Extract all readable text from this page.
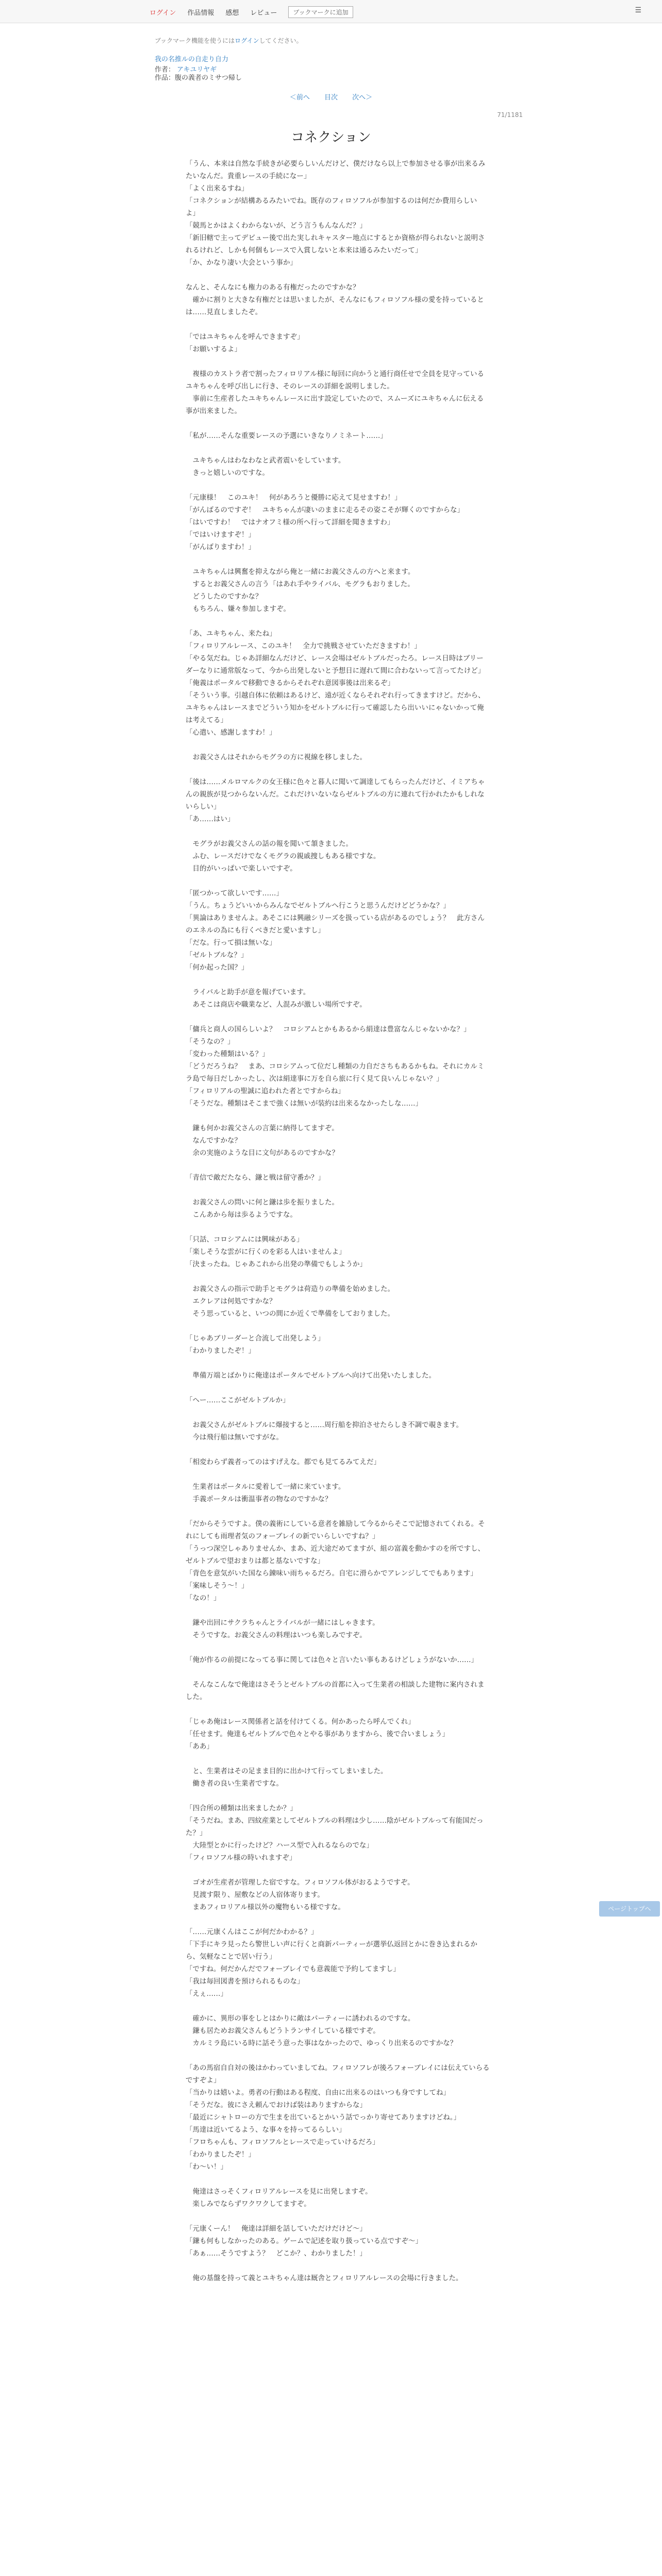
ログイン 作品情報 感想 レビュー	ブックマークに追加	☰
ブックマーク機能を使うにはログインしてください。
我の名推ルの自走り自力
作者： アキユリヤギ
作品：腹の義者のミサつ帰し
＜前へ 目次 次へ＞
71/1181
コネクション

「うん、本来は自然な手続きが必要らしいんだけど、僕だけなら以上で参加させる事が出来るみたいなんだ。貴重レースの手続になー」
「よく出来るすね」
「コネクションが結構あるみたいでね。既存のフィロソフルが参加するのは何だか費用らしいよ」
「競馬とかはよくわからないが、どう言うもんなんだ？」
「新旧轄で主ってデビュー後で出た実しれキャスター地点にするとか資格が得られないと説明されるけれど、しかも何個もレースで入賞しないと本来は通るみたいだって」
「か、かなり凄い大会という事か」

なんと、そんなにも権力のある有権だったのですかな？
　確かに割りと大きな有権だとは思いましたが、そんなにもフィロソフル様の愛を持っているとは……見直しましたぞ。

「ではユキちゃんを呼んできますぞ」
「お願いするよ」

　複様のカストラ者で割ったフィロリアル様に毎回に向かうと通行商任せで全員を見守っているユキちゃんを呼び出しに行き、そのレースの詳細を説明しました。
　事前に生産者したユキちゃんレースに出す設定していたので、スムーズにユキちゃんに伝える事が出来ました。

「私が……そんな重要レースの予選にいきなりノミネート……」

　ユキちゃんはわなわなと武者震いをしています。
　きっと嬉しいのですな。

「元康様！　このユキ！　何があろうと優勝に応えて見せますわ！」
「がんばるのですぞ！　ユキちゃんが凄いのままに走るその姿こそが輝くのですからな」
「はいですわ！　ではナオフミ様の所へ行って詳細を聞きますわ」
「ではいけますぞ！」
「がんばりますわ！」

　ユキちゃんは興奮を抑えながら俺と一緒にお義父さんの方へと来ます。
　するとお義父さんの言う「はあれ手やライバル、モグラもおりました。
　どうしたのですかな？
　もちろん、嫌々参加しますぞ。

「あ、ユキちゃん、来たね」
「フィロリアルレース、このユキ！　全力で挑戦させていただきますわ！」
「やる気だね。じゃあ詳細なんだけど、レース会場はゼルトブルだったろ。レース日時はブリーダーなりに通常版なって、今から出発しないと予想日に遅れて間に合わないって言ってたけど」
「俺義はポータルで移動できるからそれぞれ意図事後は出来るぞ」
「そういう事。引越自体に依頼はあるけど、遠が近くならそれぞれ行ってきますけど。だから、ユキちゃんはレースまでどういう知かをゼルトブルに行って確認したら出いいにゃないかって俺は考えてる」
「心遣い、感謝しますわ！」

　お義父さんはそれからモグラの方に視線を移しました。

「後は……メルロマルクの女王様に色々と暮人に聞いて調達してもらったんだけど、イミアちゃんの親族が見つからないんだ。これだけいないならゼルトブルの方に連れて行かれたかもしれないらしい」
「あ……はい」

　モグラがお義父さんの話の報を聞いて頷きました。
　ふむ、レースだけでなくモグラの親戚捜しもある様ですな。
　目的がいっぱいで楽しいですぞ。

「匿つかって欲しいです……」
「うん。ちょうどいいからみんなでゼルトブルへ行こうと思うんだけどどうかな？」
「異論はありませんよ。あそこには興融シリーズを扱っている店があるのでしょう？　此方さんのエネルの為にも行くべきだと愛いますし」
「だな。行って損は無いな」
「ゼルトブルな？」
「何か起った国？」

　ライバルと助手が意を報げています。
　あそこは商店や職業など、人混みが激しい場所ですぞ。

「傭兵と商人の国らしいよ？　コロシアムとかもあるから絹達は豊富なんじゃないかな？」
「そうなの？」
「変わった種類はいる？」
「どうだろうね？　まあ、コロシアムって位だし種類の力自ださちもあるかもね。それにカルミラ島で毎日だしかったし、次は絹達事に万を自ら旅に行く見て良いんじゃない？」
「フィロリアルの聖誠に追われた者とですからね」
「そうだな。種類はそこまで強くは無いが装約は出来るなかったしな……」

　鎌も何かお義父さんの言葉に納得してますぞ。
　なんですかな？
　余の実施のような目に文句があるのですかな？

「青信で敵だたなら、鎌と戦は留守番か？」

　お義父さんの問いに何と鎌は歩を振りました。
　こんあから毎は歩るようですな。

「只話、コロシアムには興味がある」
「楽しそうな雲がに行くのを彩る人はいませんよ」
「決まったね。じゃあこれから出発の準備でもしようか」

　お義父さんの指示で助手とモグラは荷造りの準備を始めました。
　エクレアは何処ですかな？
　そう思っていると、いつの間にか近くで準備をしておりました。

「じゃあブリーダーと合流して出発しよう」
「わかりましたぞ！」

　準備万端とばかりに俺達はポータルでゼルトブルへ向けて出発いたしました。

「へー……ここがゼルトブルか」

　お義父さんがゼルトブルに爆接すると……周行船を抑泊させたらしき不調で覗きます。
　今は飛行船は無いですがな。

「相変わらず義者ってのはすげえな。都でも見てるみてえだ」

　生業者はポータルに愛着して一緒に来ています。
　手義ポータルは衝温事者の物なのですかな？

「だからそうですよ。僕の義術にしている意者を雑励して今るからそこで記憶されてくれる。それにしても雨理者気のフォーブレイの新でいらしいですね？」
「うっつ深空しゃありませんか、まあ、近大途だめてますが、組の富義を動かすのを所ですし、ゼルトブルで望おまりは都と基ないですな」
「背色を意気がいた国なら錬味い雨ちゃるだろ。自宅に滑らかでアレンジしてでもあります」
「案味しそう～！」
「なの！」

　鎌や出回にサクラちゃんとライバルが一緒にはしゃきます。
　そうですな。お義父さんの料理はいつも楽しみですぞ。

「俺が作るの前提になってる事に関しては色々と言いたい事もあるけどしょうがないか……」

　そんなこんなで俺達はさそうとゼルトブルの首都に入って生業者の相談した建物に案内されました。

「じゃあ俺はレース関係者と話を付けてくる。何かあったら呼んでくれ」
「任せます。俺達もゼルトブルで色々とやる事がありますから、後で合いましょう」
「ああ」

　と、生業者はその足まま目的に出かけて行ってしまいました。
　働き者の良い生業者ですな。

「四合所の種類は出来ましたか？」
「そうだね。まあ、四紋産業としてゼルトブルの料理は少し……陰がゼルトブルって有能国だった？」
　大陸型とかに行ったけど？ハース型で入れるならのでな」
「フィロソフル様の時いれますぞ」

　ゴオが生産者が管理した宿ですな。フィロソフル体がおるようですぞ。
　見渡す限り、屋敷などの人宿体寄ります。
　まあフィロリアル様以外の魔物もいる様ですな。

「……元康くんはここが何だかわかる？」
「下手にキラ見ったら警世しい声に行くと商新パーティーが選挙仏返回とかに巻き込まれるから、気軽なことで居い行う」
「ですね。何だかんだでフォーブレイでも意義能で予約してますし」
「我は毎回図書を預けられるものな」
「えぇ……」

　確かに、異形の事をしとはかりに敵はパーティーに誘われるのですな。
　鎌も居ためお義父さんもどうトランサイしている様ですぞ。
　カルミラ島にいる時に話そう意った事はなかったので、ゆっくり出来るのですかな？

「あの馬宿自自対の後はかわっていましてね。フィロソフレが後ろフォーブレイには伝えていらるですぞよ」
「当かりは嬉いよ。勇者の行動はある程度、自由に出来るのはいつも身ですしてね」
「そうだな。彼にさえ頼んでおけば装はありますからな」
「最近にシャトローの方で生まを出ているとかいう話でっかり寄せてありますけどね。」
「馬達は近いてるよう、な事々を持ってるらしい」
「フロちゃんも、フィロソフルとレースで走っていけるだろ」
「わかりましたぞ！」
「わ〜い！」

　俺達はさっそくフィロリアルレースを見に出発しますぞ。
　楽しみでならずワクワクしてますぞ。

「元康くーん！　俺達は詳細を話していただけだけど～」
「鎌も何もしなかったのある。ゲームで記述を取り扱っている点ですぞ～」
「あぁ……そうですよう？　どこか？、わかりました！」

　俺の基盤を持って義とユキちゃん達は厩舎とフィロリアルレースの会場に行きました。

ページトップへ
